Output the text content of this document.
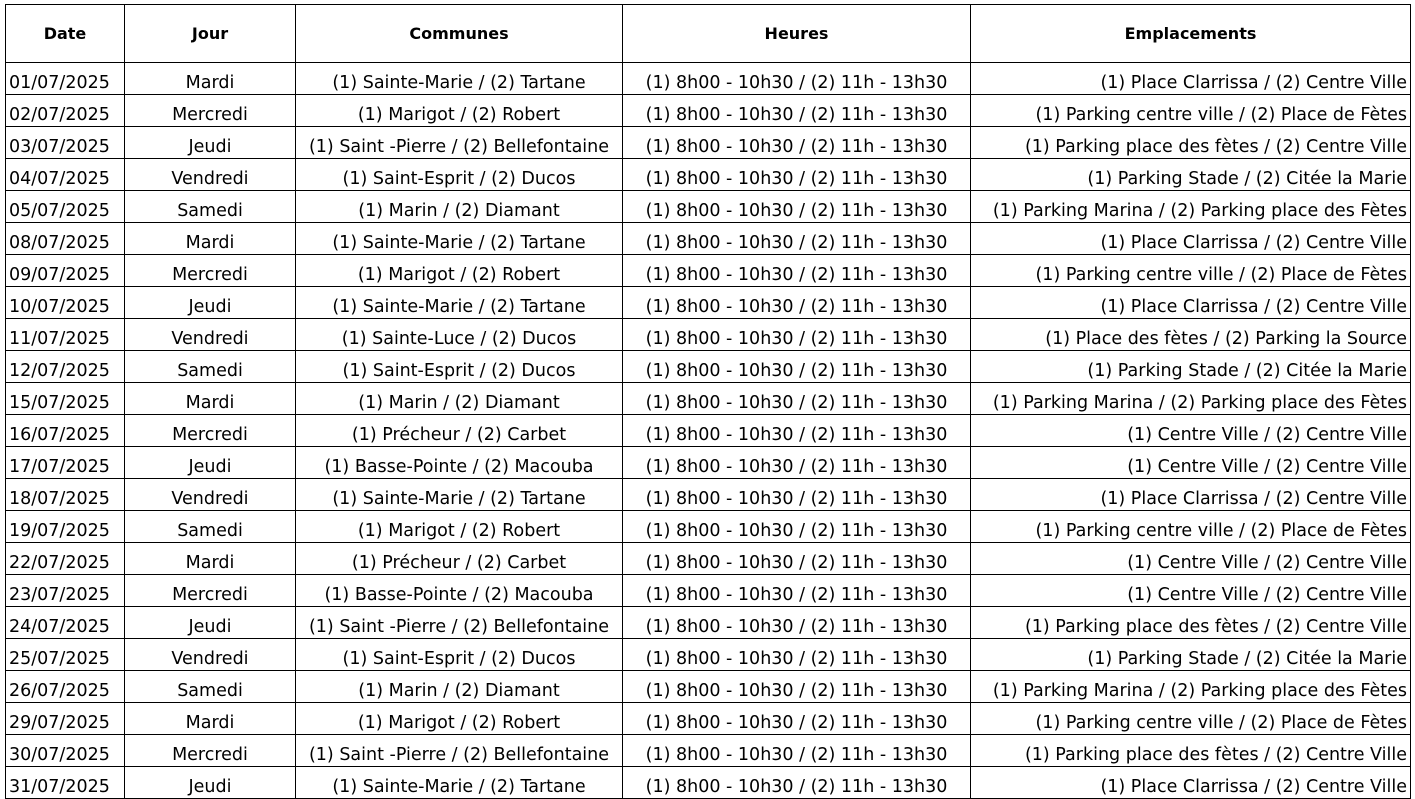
Date	Jour	Communes	Heures	Emplacements
01/07/2025	Mardi	(1) Sainte-Marie / (2) Tartane	(1) 8h00 - 10h30 / (2) 11h - 13h30	(1) Place Clarrissa / (2) Centre Ville
02/07/2025	Mercredi	(1) Marigot / (2) Robert	(1) 8h00 - 10h30 / (2) 11h - 13h30	(1) Parking centre ville / (2) Place de Fètes
03/07/2025	Jeudi	(1) Saint -Pierre / (2) Bellefontaine	(1) 8h00 - 10h30 / (2) 11h - 13h30	(1) Parking place des fètes / (2) Centre Ville
04/07/2025	Vendredi	(1) Saint-Esprit / (2) Ducos	(1) 8h00 - 10h30 / (2) 11h - 13h30	(1) Parking Stade / (2) Citée la Marie
05/07/2025	Samedi	(1) Marin / (2) Diamant	(1) 8h00 - 10h30 / (2) 11h - 13h30	(1) Parking Marina / (2) Parking place des Fètes
08/07/2025	Mardi	(1) Sainte-Marie / (2) Tartane	(1) 8h00 - 10h30 / (2) 11h - 13h30	(1) Place Clarrissa / (2) Centre Ville
09/07/2025	Mercredi	(1) Marigot / (2) Robert	(1) 8h00 - 10h30 / (2) 11h - 13h30	(1) Parking centre ville / (2) Place de Fètes
10/07/2025	Jeudi	(1) Sainte-Marie / (2) Tartane	(1) 8h00 - 10h30 / (2) 11h - 13h30	(1) Place Clarrissa / (2) Centre Ville
11/07/2025	Vendredi	(1) Sainte-Luce / (2) Ducos	(1) 8h00 - 10h30 / (2) 11h - 13h30	(1) Place des fètes / (2) Parking la Source
12/07/2025	Samedi	(1) Saint-Esprit / (2) Ducos	(1) 8h00 - 10h30 / (2) 11h - 13h30	(1) Parking Stade / (2) Citée la Marie
15/07/2025	Mardi	(1) Marin / (2) Diamant	(1) 8h00 - 10h30 / (2) 11h - 13h30	(1) Parking Marina / (2) Parking place des Fètes
16/07/2025	Mercredi	(1) Précheur / (2) Carbet	(1) 8h00 - 10h30 / (2) 11h - 13h30	(1) Centre Ville / (2) Centre Ville
17/07/2025	Jeudi	(1) Basse-Pointe / (2) Macouba	(1) 8h00 - 10h30 / (2) 11h - 13h30	(1) Centre Ville / (2) Centre Ville
18/07/2025	Vendredi	(1) Sainte-Marie / (2) Tartane	(1) 8h00 - 10h30 / (2) 11h - 13h30	(1) Place Clarrissa / (2) Centre Ville
19/07/2025	Samedi	(1) Marigot / (2) Robert	(1) 8h00 - 10h30 / (2) 11h - 13h30	(1) Parking centre ville / (2) Place de Fètes
22/07/2025	Mardi	(1) Précheur / (2) Carbet	(1) 8h00 - 10h30 / (2) 11h - 13h30	(1) Centre Ville / (2) Centre Ville
23/07/2025	Mercredi	(1) Basse-Pointe / (2) Macouba	(1) 8h00 - 10h30 / (2) 11h - 13h30	(1) Centre Ville / (2) Centre Ville
24/07/2025	Jeudi	(1) Saint -Pierre / (2) Bellefontaine	(1) 8h00 - 10h30 / (2) 11h - 13h30	(1) Parking place des fètes / (2) Centre Ville
25/07/2025	Vendredi	(1) Saint-Esprit / (2) Ducos	(1) 8h00 - 10h30 / (2) 11h - 13h30	(1) Parking Stade / (2) Citée la Marie
26/07/2025	Samedi	(1) Marin / (2) Diamant	(1) 8h00 - 10h30 / (2) 11h - 13h30	(1) Parking Marina / (2) Parking place des Fètes
29/07/2025	Mardi	(1) Marigot / (2) Robert	(1) 8h00 - 10h30 / (2) 11h - 13h30	(1) Parking centre ville / (2) Place de Fètes
30/07/2025	Mercredi	(1) Saint -Pierre / (2) Bellefontaine	(1) 8h00 - 10h30 / (2) 11h - 13h30	(1) Parking place des fètes / (2) Centre Ville
31/07/2025	Jeudi	(1) Sainte-Marie / (2) Tartane	(1) 8h00 - 10h30 / (2) 11h - 13h30	(1) Place Clarrissa / (2) Centre Ville
